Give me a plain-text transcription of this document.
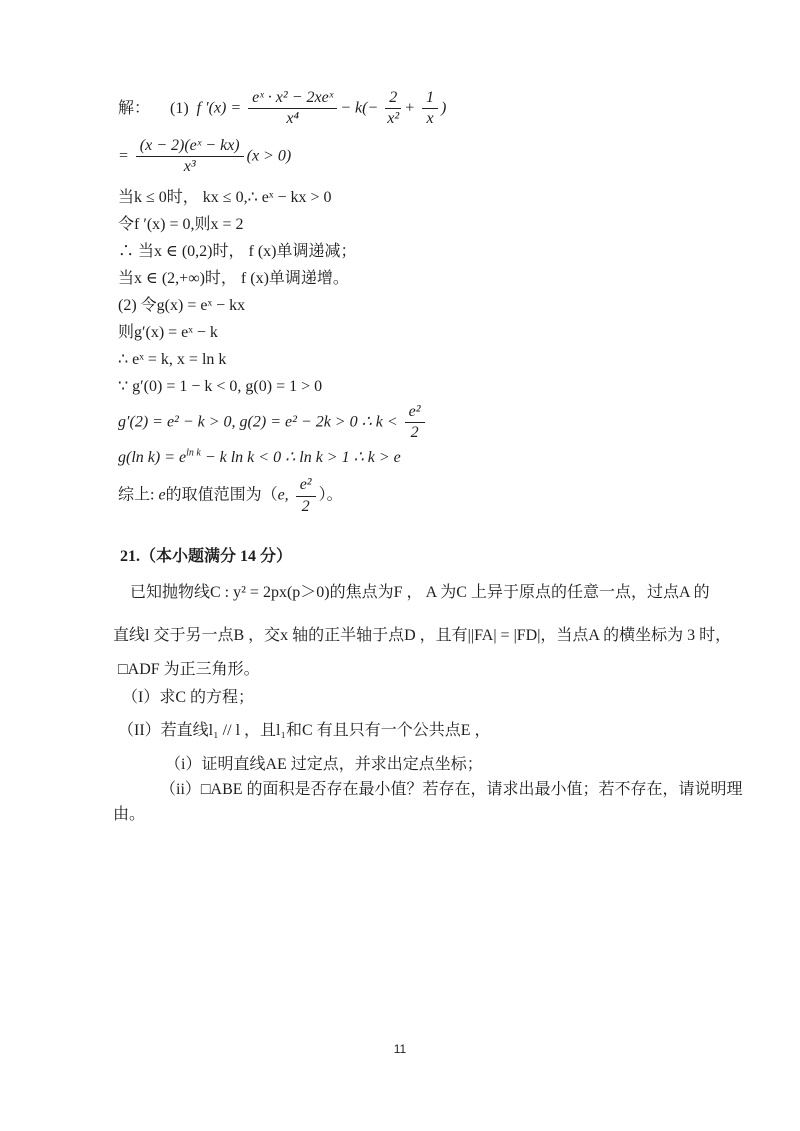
解： (1) f $'(x) = \frac{\text{eˣ · x² − 2xeˣ}}{\text{x⁴}} - k(- \frac{2}{\text{x²}} + \frac{1}{x}$ )
= $\frac{\text{(x − 2)(eˣ − kx)}}{\text{x³}} (x > 0)$
当k ≤ 0时， kx ≤ 0,∴ eˣ − kx > 0
令f ′(x) = 0,则x = 2
∴ 当x ∈ (0,2)时， f (x)单调递减；
当x ∈ (2,+∞)时， f (x)单调递增。
(2) 令g(x) = eˣ − kx
则g′(x) = eˣ − k
∴ eˣ = k, x = ln k
∵ g′(0) = 1 − k < 0, g(0) = 1 > 0
g′(2) = e² − k > 0, g(2) = e² − 2k > 0 ∴ $k < \frac{\text{e²}}{2}$
g(ln $k) = e^{ln k} - k$ ln k < 0 ∴ ln k > 1 ∴ k > e
综上: e的取值范围为（e, $\frac{\text{e²}}{2}$ ）。
21.（本小题满分 14 分）
已知抛物线C : y² = 2px(p＞0)的焦点为F ， A 为C 上异于原点的任意一点，过点A 的
直线l 交于另一点B ，交x 轴的正半轴于点D ，且有||FA| = |FD|，当点A 的横坐标为 3 时，
□ADF 为正三角形。
（I）求C 的方程；
（II）若直线l₁ // l ，且l₁和C 有且只有一个公共点E ，
（i）证明直线AE 过定点，并求出定点坐标；
（ii）□ABE 的面积是否存在最小值？若存在，请求出最小值；若不存在，请说明理
由。
11
